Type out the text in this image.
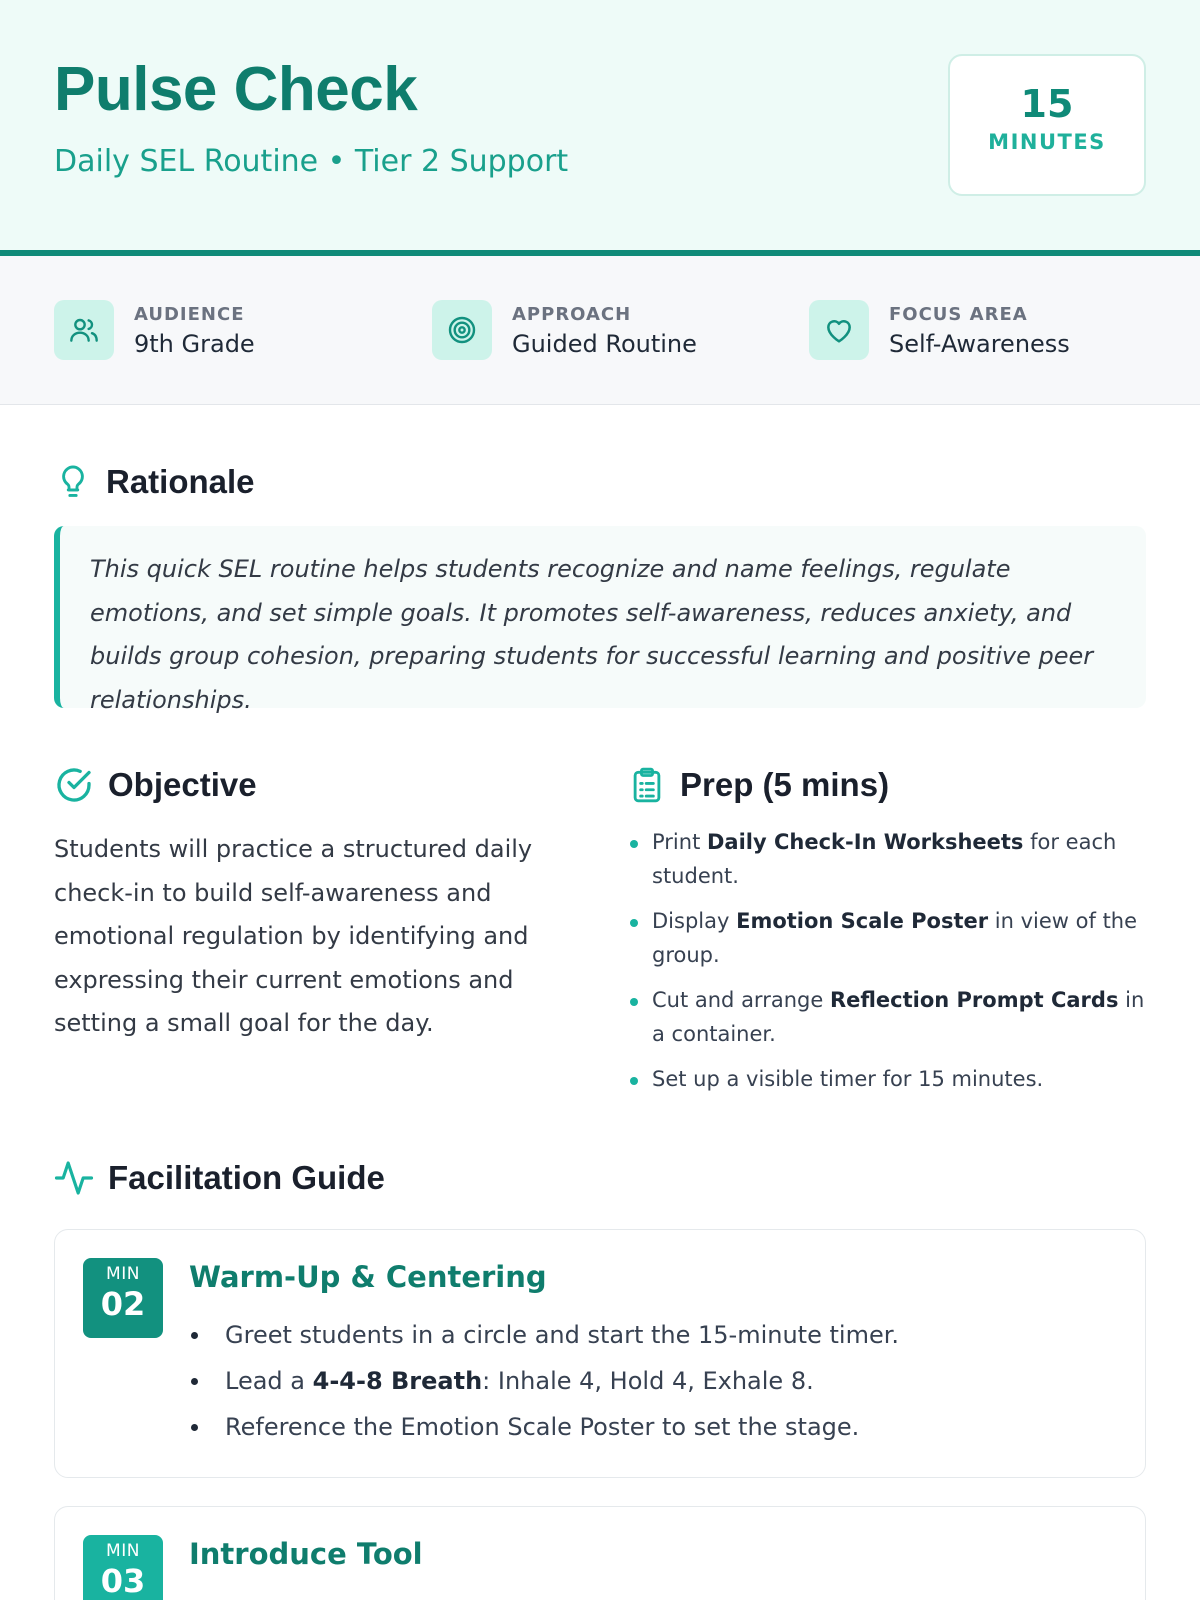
Pulse Check
Daily SEL Routine • Tier 2 Support
15
MINUTES
AUDIENCE
9th Grade
APPROACH
Guided Routine
FOCUS AREA
Self-Awareness
Rationale

This quick SEL routine helps students recognize and name feelings, regulate emotions, and set simple goals. It promotes self-awareness, reduces anxiety, and builds group cohesion, preparing students for successful learning and positive peer relationships.

Objective

Students will practice a structured daily check-in to build self-awareness and emotional regulation by identifying and expressing their current emotions and setting a small goal for the day.

Prep (5 mins)
Print Daily Check-In Worksheets for each student.
Display Emotion Scale Poster in view of the group.
Cut and arrange Reflection Prompt Cards in a container.
Set up a visible timer for 15 minutes.
Facilitation Guide
MIN
02
Warm-Up & Centering
Greet students in a circle and start the 15-minute timer.
Lead a 4-4-8 Breath: Inhale 4, Hold 4, Exhale 8.
Reference the Emotion Scale Poster to set the stage.
MIN
03
Introduce Tool
